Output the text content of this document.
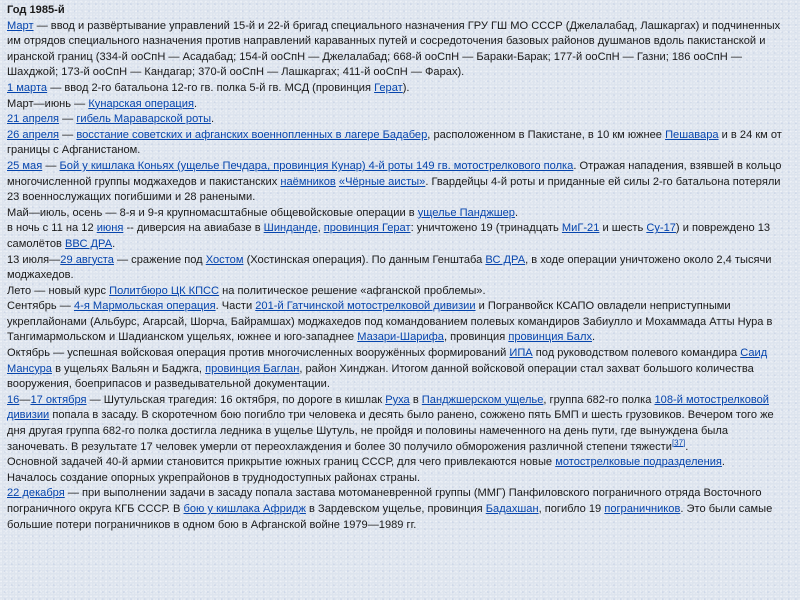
Год 1985-й

Март — ввод и развёртывание управлений 15-й и 22-й бригад специального назначения ГРУ ГШ МО СССР (Джелалабад, Лашкаргах) и подчиненных им отрядов специального назначения против направлений караванных путей и сосредоточения базовых районов душманов вдоль пакистанской и иранской границ (334-й ооСпН — Асадабад; 154-й ооСпН — Джелалабад; 668-й ооСпН — Бараки-Барак; 177-й ооСпН — Газни; 186 ооСпН — Шахджой; 173-й ооСпН — Кандагар; 370-й ооСпН — Лашкаргах; 411-й ооСпН — Фарах).

1 марта — ввод 2-го батальона 12-го гв. полка 5-й гв. МСД (провинция Герат).

Март—июнь — Кунарская операция.

21 апреля — гибель Мараварской роты.

26 апреля — восстание советских и афганских военнопленных в лагере Бадабер, расположенном в Пакистане, в 10 км южнее Пешавара и в 24 км от границы с Афганистаном.

25 мая — Бой у кишлака Коньях (ущелье Печдара, провинция Кунар) 4-й роты 149 гв. мотострелкового полка. Отражая нападения, взявшей в кольцо многочисленной группы моджахедов и пакистанских наёмников «Чёрные аисты». Гвардейцы 4-й роты и приданные ей силы 2-го батальона потеряли 23 военнослужащих погибшими и 28 ранеными.

Май—июль, осень — 8-я и 9-я крупномасштабные общевойсковые операции в ущелье Панджшер.

в ночь с 11 на 12 июня -- диверсия на авиабазе в Шинданде, провинция Герат: уничтожено 19 (тринадцать МиГ-21 и шесть Су-17) и повреждено 13 самолётов ВВС ДРА.

13 июля—29 августа — сражение под Хостом (Хостинская операция). По данным Генштаба ВС ДРА, в ходе операции уничтожено около 2,4 тысячи моджахедов.

Лето — новый курс Политбюро ЦК КПСС на политическое решение «афганской проблемы».

Сентябрь — 4-я Мармольская операция. Части 201-й Гатчинской мотострелковой дивизии и Погранвойск КСАПО овладели неприступными укреплайонами (Альбурс, Агарсай, Шорча, Байрамшах) моджахедов под командованием полевых командиров Забиулло и Мохаммада Атты Нура в Тангимармольском и Шадианском ущельях, южнее и юго-западнее Мазари-Шарифа, провинция провинция Балх.

Октябрь — успешная войсковая операция против многочисленных вооружённых формирований ИПА под руководством полевого командира Саид Мансура в ущельях Вальян и Баджга, провинция Баглан, район Хинджан. Итогом данной войсковой операции стал захват большого количества вооружения, боеприпасов и разведывательной документации.

16—17 октября — Шутульская трагедия: 16 октября, по дороге в кишлак Руха в Панджшерском ущелье, группа 682-го полка 108-й мотострелковой дивизии попала в засаду. В скоротечном бою погибло три человека и десять было ранено, сожжено пять БМП и шесть грузовиков. Вечером того же дня другая группа 682-го полка достигла ледника в ущелье Шутуль, не пройдя и половины намеченного на день пути, где вынуждена была заночевать. В результате 17 человек умерли от переохлаждения и более 30 получило обморожения различной степени тяжести[37].

Основной задачей 40-й армии становится прикрытие южных границ СССР, для чего привлекаются новые мотострелковые подразделения.

Началось создание опорных укрепрайонов в труднодоступных районах страны.

22 декабря — при выполнении задачи в засаду попала застава мотоманевренной группы (ММГ) Панфиловского пограничного отряда Восточного пограничного округа КГБ СССР. В бою у кишлака Афридж в Зардевском ущелье, провинция Бадахшан, погибло 19 пограничников. Это были самые большие потери пограничников в одном бою в Афганской войне 1979—1989 гг.
